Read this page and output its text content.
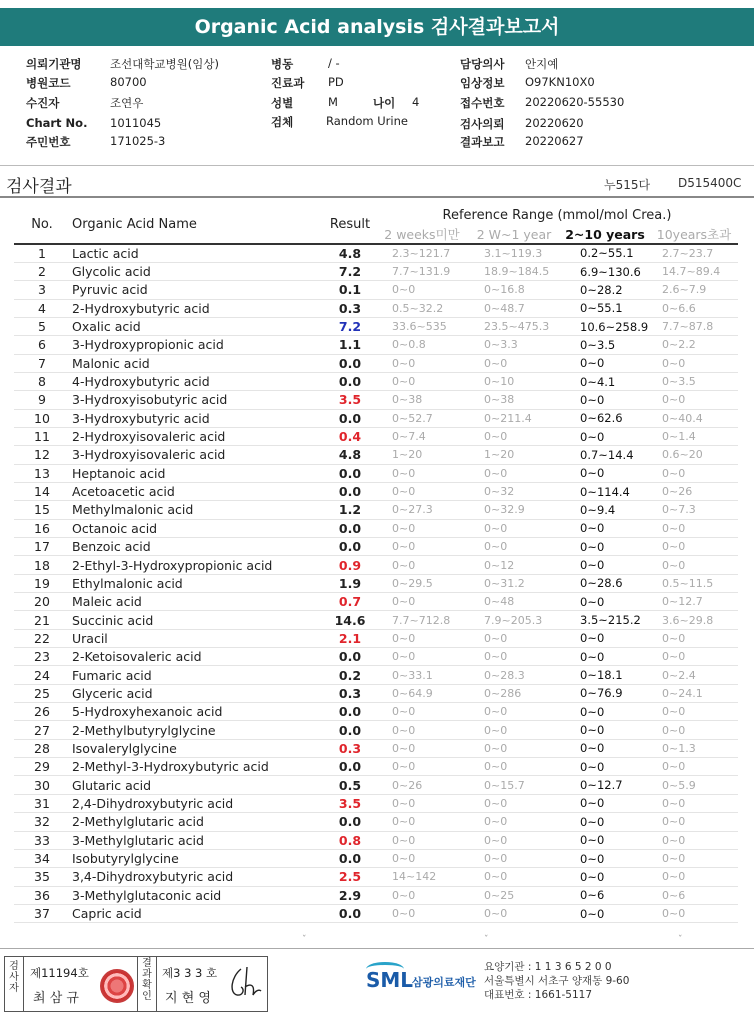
Organic Acid analysis 검사결과보고서
의뢰기관명 조선대학교병원(임상)
병원코드	80700
수진자	조연우
Chart No. 1011045
주민번호	171025-3
병동	/ -
진료과 PD
성별	M	나이 4
검체	Random Urine
담당의사 안지예
임상정보 O97KN10X0
접수번호 20220620-55530
검사의뢰 20220620
결과보고 20220627
검사결과	누515다 D515400C
No.	Organic Acid Name	Result	Reference Range (mmol/mol Crea.)			
			2 weeks미만	2 W~1 year	2~10 years	10years초과
1	Lactic acid	4.8	2.3~121.7	3.1~119.3	0.2~55.1	2.7~23.7
2	Glycolic acid	7.2	7.7~131.9	18.9~184.5	6.9~130.6	14.7~89.4
3	Pyruvic acid	0.1	0~0	0~16.8	0~28.2	2.6~7.9
4	2-Hydroxybutyric acid	0.3	0.5~32.2	0~48.7	0~55.1	0~6.6
5	Oxalic acid	7.2	33.6~535	23.5~475.3	10.6~258.9	7.7~87.8
6	3-Hydroxypropionic acid	1.1	0~0.8	0~3.3	0~3.5	0~2.2
7	Malonic acid	0.0	0~0	0~0	0~0	0~0
8	4-Hydroxybutyric acid	0.0	0~0	0~10	0~4.1	0~3.5
9	3-Hydroxyisobutyric acid	3.5	0~38	0~38	0~0	0~0
10	3-Hydroxybutyric acid	0.0	0~52.7	0~211.4	0~62.6	0~40.4
11	2-Hydroxyisovaleric acid	0.4	0~7.4	0~0	0~0	0~1.4
12	3-Hydroxyisovaleric acid	4.8	1~20	1~20	0.7~14.4	0.6~20
13	Heptanoic acid	0.0	0~0	0~0	0~0	0~0
14	Acetoacetic acid	0.0	0~0	0~32	0~114.4	0~26
15	Methylmalonic acid	1.2	0~27.3	0~32.9	0~9.4	0~7.3
16	Octanoic acid	0.0	0~0	0~0	0~0	0~0
17	Benzoic acid	0.0	0~0	0~0	0~0	0~0
18	2-Ethyl-3-Hydroxypropionic acid	0.9	0~0	0~12	0~0	0~0
19	Ethylmalonic acid	1.9	0~29.5	0~31.2	0~28.6	0.5~11.5
20	Maleic acid	0.7	0~0	0~48	0~0	0~12.7
21	Succinic acid	14.6	7.7~712.8	7.9~205.3	3.5~215.2	3.6~29.8
22	Uracil	2.1	0~0	0~0	0~0	0~0
23	2-Ketoisovaleric acid	0.0	0~0	0~0	0~0	0~0
24	Fumaric acid	0.2	0~33.1	0~28.3	0~18.1	0~2.4
25	Glyceric acid	0.3	0~64.9	0~286	0~76.9	0~24.1
26	5-Hydroxyhexanoic acid	0.0	0~0	0~0	0~0	0~0
27	2-Methylbutyrylglycine	0.0	0~0	0~0	0~0	0~0
28	Isovalerylglycine	0.3	0~0	0~0	0~0	0~1.3
29	2-Methyl-3-Hydroxybutyric acid	0.0	0~0	0~0	0~0	0~0
30	Glutaric acid	0.5	0~26	0~15.7	0~12.7	0~5.9
31	2,4-Dihydroxybutyric acid	3.5	0~0	0~0	0~0	0~0
32	2-Methylglutaric acid	0.0	0~0	0~0	0~0	0~0
33	3-Methylglutaric acid	0.8	0~0	0~0	0~0	0~0
34	Isobutyrylglycine	0.0	0~0	0~0	0~0	0~0
35	3,4-Dihydroxybutyric acid	2.5	14~142	0~0	0~0	0~0
36	3-Methylglutaconic acid	2.9	0~0	0~25	0~6	0~6
37	Capric acid	0.0	0~0	0~0	0~0	0~0
ˇ	ˇ	ˇ
검
사
자
제11194호
최 삼 규
결
과
확
인
제3 3 3 호
지 현 영
SML
삼광의료재단
요양기관 : 1 1 3 6 5 2 0 0
서울특별시 서초구 양재동 9-60
대표번호 : 1661-5117
